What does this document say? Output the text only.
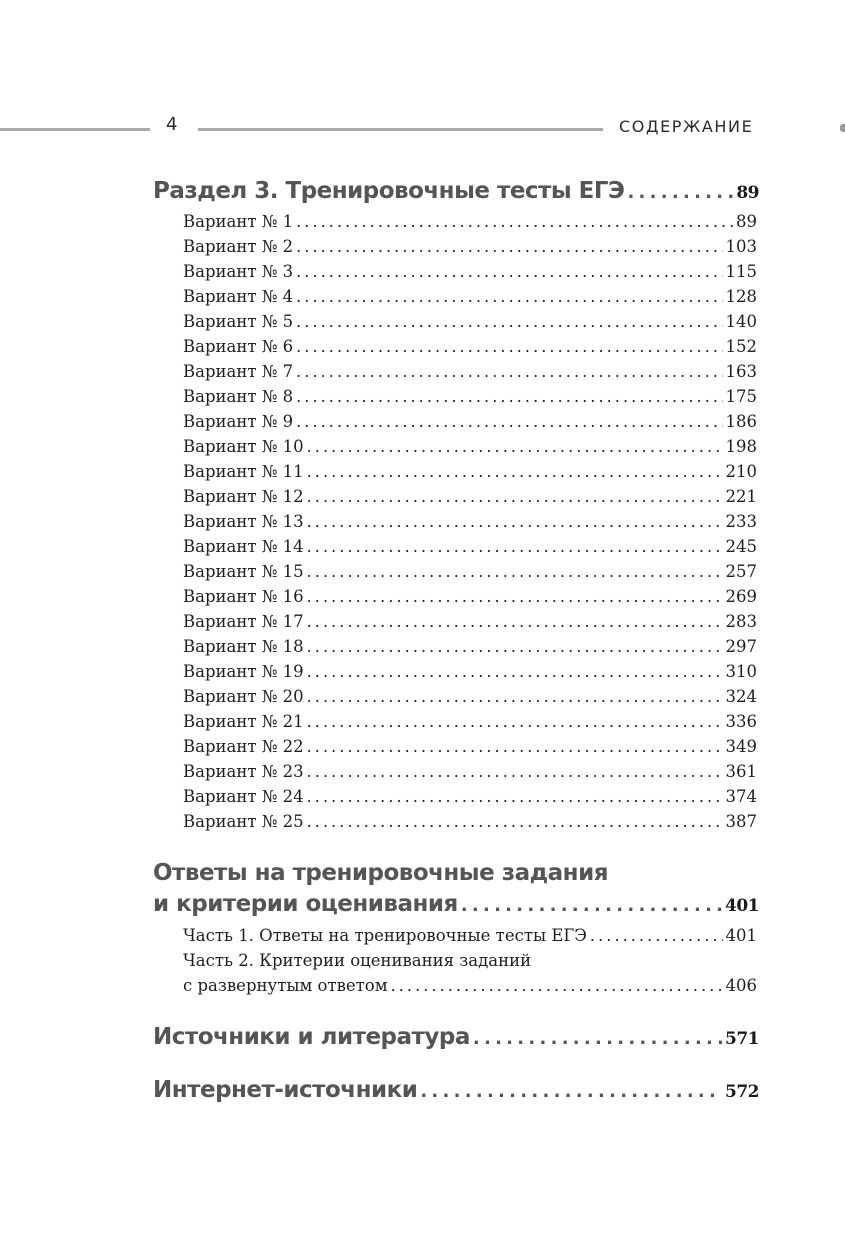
4	СОДЕРЖАНИЕ
Раздел 3. Тренировочные тесты ЕГЭ . . .	89
Вариант № 1 . . .	89
Вариант № 2 . . .	103
Вариант № 3 . . .	115
Вариант № 4 . . .	128
Вариант № 5 . . .	140
Вариант № 6 . . .	152
Вариант № 7 . . .	163
Вариант № 8 . . .	175
Вариант № 9 . . .	186
Вариант № 10 . . .	198
Вариант № 11 . . .	210
Вариант № 12 . . .	221
Вариант № 13 . . .	233
Вариант № 14 . . .	245
Вариант № 15 . . .	257
Вариант № 16 . . .	269
Вариант № 17 . . .	283
Вариант № 18 . . .	297
Вариант № 19 . . .	310
Вариант № 20 . . .	324
Вариант № 21 . . .	336
Вариант № 22 . . .	349
Вариант № 23 . . .	361
Вариант № 24 . . .	374
Вариант № 25 . . .	387
Ответы на тренировочные задания
и критерии оценивания . . .	401
Часть 1. Ответы на тренировочные тесты ЕГЭ . . .	401
Часть 2. Критерии оценивания заданий
с развернутым ответом . . .	406
Источники и литература . . .	571
Интернет-источники . . .	572
